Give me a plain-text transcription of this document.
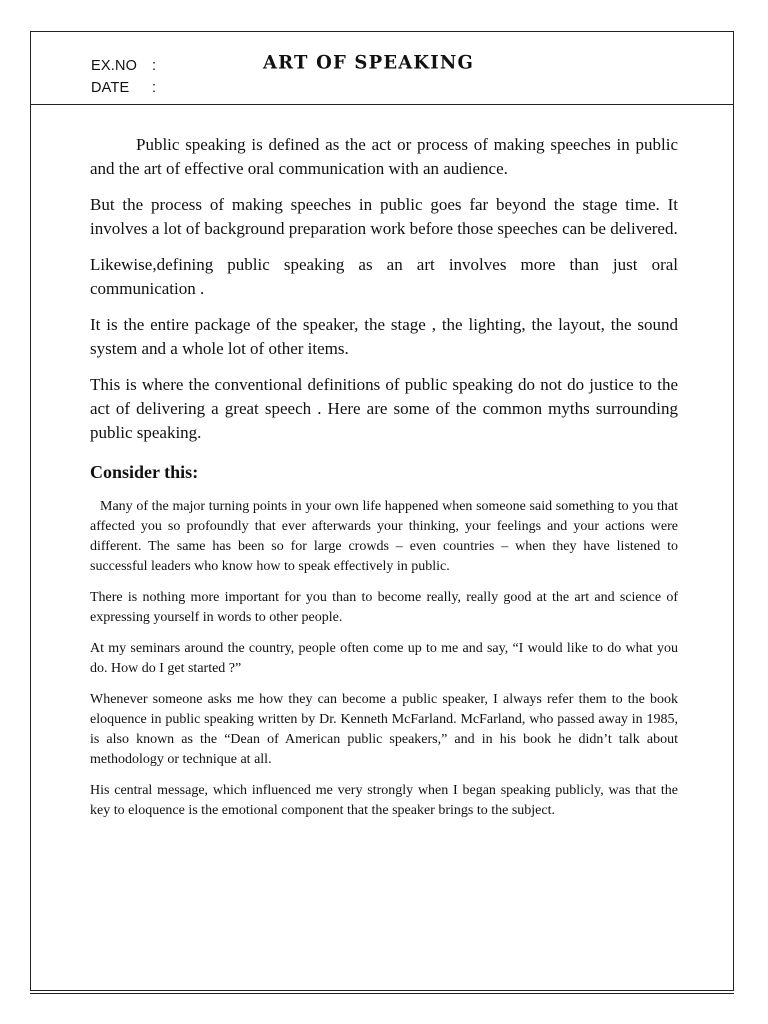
EX.NO :
DATE :
ART OF SPEAKING

Public speaking is defined as the act or process of making speeches in public and the art of effective oral communication with an audience.

But the process of making speeches in public goes far beyond the stage time. It involves a lot of background preparation work before those speeches can be delivered.

Likewise,defining public speaking as an art involves more than just oral communication .

It is the entire package of the speaker, the stage , the lighting, the layout, the sound system and a whole lot of other items.

This is where the conventional definitions of public speaking do not do justice to the act of delivering a great speech . Here are some of the common myths surrounding public speaking.

Consider this:

Many of the major turning points in your own life happened when someone said something to you that affected you so profoundly that ever afterwards your thinking, your feelings and your actions were different. The same has been so for large crowds – even countries – when they have listened to successful leaders who know how to speak effectively in public.

There is nothing more important for you than to become really, really good at the art and science of expressing yourself in words to other people.

At my seminars around the country, people often come up to me and say, “I would like to do what you do. How do I get started ?”

Whenever someone asks me how they can become a public speaker, I always refer them to the book eloquence in public speaking written by Dr. Kenneth McFarland. McFarland, who passed away in 1985, is also known as the “Dean of American public speakers,” and in his book he didn’t talk about methodology or technique at all.

His central message, which influenced me very strongly when I began speaking publicly, was that the key to eloquence is the emotional component that the speaker brings to the subject.
